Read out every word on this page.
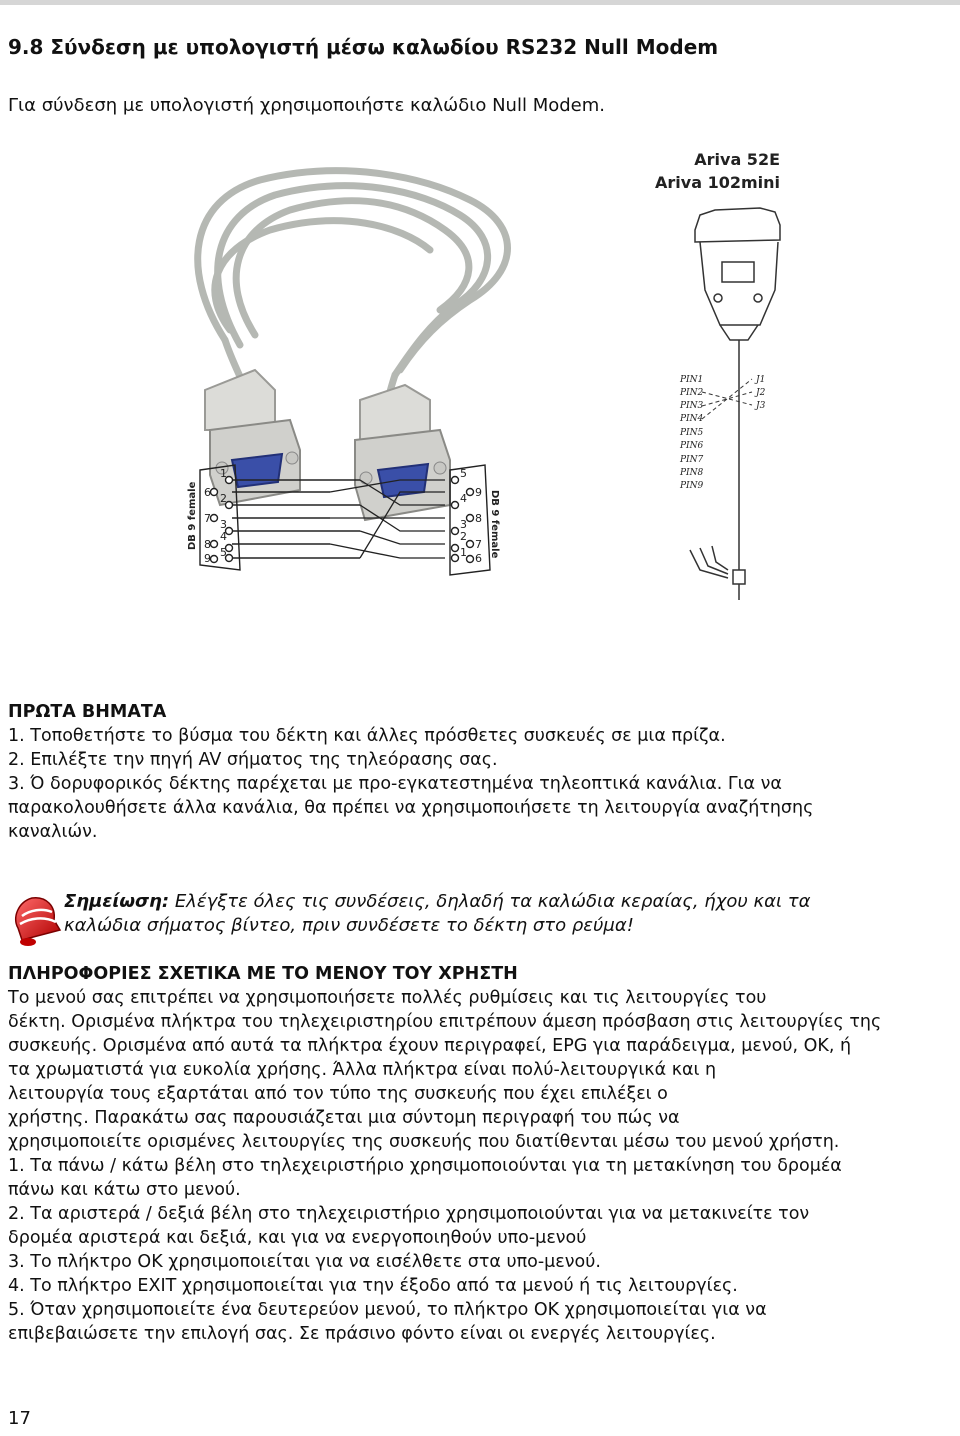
9.8 Σύνδεση με υπολογιστή μέσω καλωδίου RS232 Null Modem
Για σύνδεση με υπολογιστή χρησιμοποιήστε καλώδιο Null Modem.
1
6 2
7 3
8
4
9 5
DB 9 female
5
9
4
8
3
7
2
6
1 DB 9 female
Ariva 52E
Ariva 102mini
PIN1
PIN2
PIN3
PIN4
PIN5
PIN6
PIN7
PIN8
PIN9
J1
J2
J3
ΠΡΩΤΑ ΒΗΜΑΤΑ
1. Τοποθετήστε το βύσμα του δέκτη και άλλες πρόσθετες συσκευές σε μια πρίζα.
2. Επιλέξτε την πηγή AV σήματος της τηλεόρασης σας.
3. Ό δορυφορικός δέκτης παρέχεται με προ-εγκατεστημένα τηλεοπτικά κανάλια. Για να
παρακολουθήσετε άλλα κανάλια, θα πρέπει να χρησιμοποιήσετε τη λειτουργία αναζήτησης
καναλιών.
Σημείωση: Ελέγξτε όλες τις συνδέσεις, δηλαδή τα καλώδια κεραίας, ήχου και τα
καλώδια σήματος βίντεο, πριν συνδέσετε το δέκτη στο ρεύμα!
ΠΛΗΡΟΦΟΡΙΕΣ ΣΧΕΤΙΚΑ ΜΕ ΤΟ ΜΕΝΟΥ ΤΟΥ ΧΡΗΣΤΗ
Το μενού σας επιτρέπει να χρησιμοποιήσετε πολλές ρυθμίσεις και τις λειτουργίες του
δέκτη. Ορισμένα πλήκτρα του τηλεχειριστηρίου επιτρέπουν άμεση πρόσβαση στις λειτουργίες της
συσκευής. Ορισμένα από αυτά τα πλήκτρα έχουν περιγραφεί, EPG για παράδειγμα, μενού, OK, ή
τα χρωματιστά για ευκολία χρήσης. Άλλα πλήκτρα είναι πολύ-λειτουργικά και η
λειτουργία τους εξαρτάται από τον τύπο της συσκευής που έχει επιλέξει ο
χρήστης. Παρακάτω σας παρουσιάζεται μια σύντομη περιγραφή του πώς να
χρησιμοποιείτε ορισμένες λειτουργίες της συσκευής που διατίθενται μέσω του μενού χρήστη.
1. Τα πάνω / κάτω βέλη στο τηλεχειριστήριο χρησιμοποιούνται για τη μετακίνηση του δρομέα
πάνω και κάτω στο μενού.
2. Τα αριστερά / δεξιά βέλη στο τηλεχειριστήριο χρησιμοποιούνται για να μετακινείτε τον
δρομέα αριστερά και δεξιά, και για να ενεργοποιηθούν υπο-μενού
3. Το πλήκτρο OK χρησιμοποιείται για να εισέλθετε στα υπο-μενού.
4. Το πλήκτρο EXIT χρησιμοποιείται για την έξοδο από τα μενού ή τις λειτουργίες.
5. Όταν χρησιμοποιείτε ένα δευτερεύον μενού, το πλήκτρο OK χρησιμοποιείται για να
επιβεβαιώσετε την επιλογή σας. Σε πράσινο φόντο είναι οι ενεργές λειτουργίες.
17
